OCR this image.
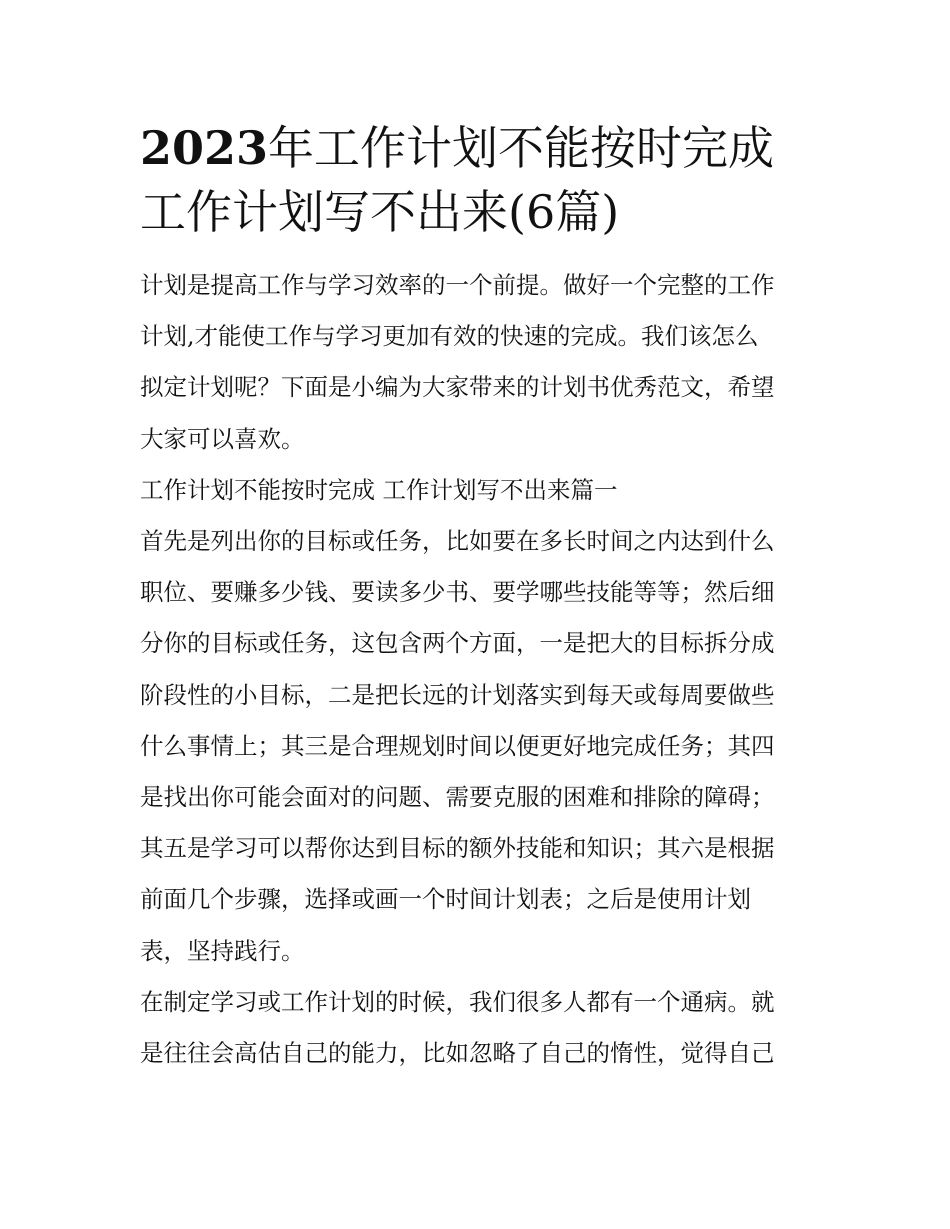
2023年工作计划不能按时完成
工作计划写不出来(6篇)

计划是提高工作与学习效率的一个前提。做好一个完整的工作
计划,才能使工作与学习更加有效的快速的完成。我们该怎么
拟定计划呢？下面是小编为大家带来的计划书优秀范文，希望
大家可以喜欢。

工作计划不能按时完成 工作计划写不出来篇一

首先是列出你的目标或任务，比如要在多长时间之内达到什么
职位、要赚多少钱、要读多少书、要学哪些技能等等；然后细
分你的目标或任务，这包含两个方面，一是把大的目标拆分成
阶段性的小目标，二是把长远的计划落实到每天或每周要做些
什么事情上；其三是合理规划时间以便更好地完成任务；其四
是找出你可能会面对的问题、需要克服的困难和排除的障碍；
其五是学习可以帮你达到目标的额外技能和知识；其六是根据
前面几个步骤，选择或画一个时间计划表；之后是使用计划
表，坚持践行。

在制定学习或工作计划的时候，我们很多人都有一个通病。就
是往往会高估自己的能力，比如忽略了自己的惰性，觉得自己
